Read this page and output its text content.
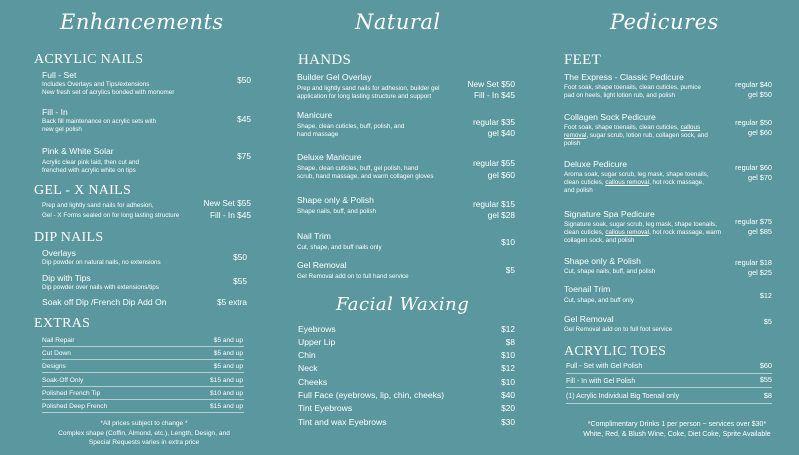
Enhancements	Natural	Pedicures
ACRYLIC NAILS
Full - Set
Includes Overlays and Tips/extensions
New fresh set of acrylics bonded with monomer
$50
Fill - In
Back fill maintenance on acrylic sets with
new gel polish
$45
Pink & White Solar
Acrylic clear pink laid, then cut and
frenched with acrylic white on tips
$75
GEL - X NAILS
Prep and lightly sand nails for adhesion,
Gel - X Forms sealed on for long lasting structure
New Set $55
Fill - In $45
DIP NAILS
Overlays
Dip powder on natural nails, no extensions
$50
Dip with Tips
Dip powder over nails with extensions/tips
$55
Soak off Dip /French Dip Add On	$5 extra
EXTRAS
Nail Repair	$5 and up
Cut Down	$5 and up
Designs	$5 and up
Soak-Off Only	$15 and up
Polished French Tip	$10 and up
Polished Deep French	$15 and up
*All prices subject to change *
Complex shape (Coffin, Almond, etc.), Length, Design, and
Special Requests varies in extra price
HANDS
Builder Gel Overlay
Prep and lightly sand nails for adhesion, builder gel
application for long lasting structure and support
New Set $50
Fill - In $45
Manicure
Shape, clean cuticles, buff, polish, and
hand massage
regular $35
gel $40
Deluxe Manicure
Shape, clean cuticles, buff, gel polish, hand
scrub, hand massage, and warm collagen gloves
regular $55
gel $60
Shape only & Polish
Shape nails, buff, and polish
regular $15
gel $28
Nail Trim
Cut, shape, and buff nails only
$10
Gel Removal
Gel Removal add on to full hand service
$5
Facial Waxing
Eyebrows	$12
Upper Lip	$8
Chin	$10
Neck	$12
Cheeks	$10
Full Face (eyebrows, lip, chin, cheeks)	$40
Tint Eyebrows	$20
Tint and wax Eyebrows	$30
FEET
The Express - Classic Pedicure
Foot soak, shape toenails, clean cuticles, pumice
pad on heels, light lotion rub, and polish
regular $40
gel $50
Collagen Sock Pedicure
Foot soak, shape toenails, clean cuticles, callous
removal, sugar scrub, lotion rub, collagen sock, and
polish
regular $50
gel $60
Deluxe Pedicure
Aroma soak, sugar scrub, leg mask, shape toenails,
clean cuticles, callous removal, hot rock massage,
and polish
regular $60
gel $70
Signature Spa Pedicure
Signature soak, sugar scrub, leg mask, shape toenails,
clean cuticles, callous removal, hot rock massage, warm
collagen sock, and polish
regular $75
gel $85
Shape only & Polish
Cut, shape nails, buff, and polish
regular $18
gel $25
Toenail Trim
Cut, shape, and buff only
$12
Gel Removal
Gel Removal add on to full foot service
$5
ACRYLIC TOES
Full - Set with Gel Polish	$60
Fill - In with Gel Polish	$55
(1) Acrylic Individual Big Toenail only	$8
*Complimentary Drinks 1 per person ~ services over $30*
White, Red, & Blush Wine, Coke, Diet Coke, Sprite Available
